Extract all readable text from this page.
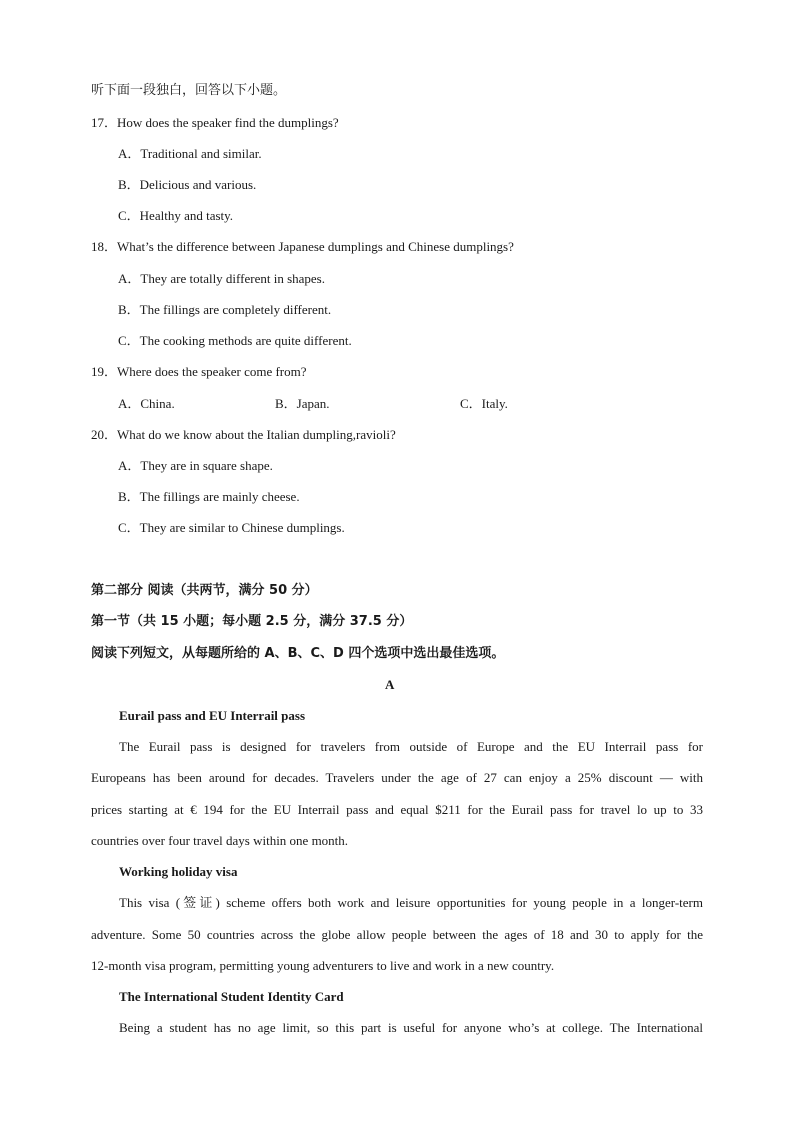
听下面一段独白，回答以下小题。
17．How does the speaker find the dumplings?
A．Traditional and similar.
B．Delicious and various.
C．Healthy and tasty.
18．What’s the difference between Japanese dumplings and Chinese dumplings?
A．They are totally different in shapes.
B．The fillings are completely different.
C．The cooking methods are quite different.
19．Where does the speaker come from?
A．China.	B．Japan.	C．Italy.
20．What do we know about the Italian dumpling,ravioli?
A．They are in square shape.
B．The fillings are mainly cheese.
C．They are similar to Chinese dumplings.
第二部分 阅读（共两节，满分 50 分）
第一节（共 15 小题；每小题 2.5 分，满分 37.5 分）
阅读下列短文，从每题所给的 A、B、C、D 四个选项中选出最佳选项。
A
Eurail pass and EU Interrail pass
The Eurail pass is designed for travelers from outside of Europe and the EU Interrail pass for
Europeans has been around for decades. Travelers under the age of 27 can enjoy a 25% discount — with
prices starting at € 194 for the EU Interrail pass and equal $211 for the Eurail pass for travel lo up to 33
countries over four travel days within one month.
Working holiday visa
This visa (签证) scheme offers both work and leisure opportunities for young people in a longer-term
adventure. Some 50 countries across the globe allow people between the ages of 18 and 30 to apply for the
12-month visa program, permitting young adventurers to live and work in a new country.
The International Student Identity Card
Being a student has no age limit, so this part is useful for anyone who’s at college. The International
